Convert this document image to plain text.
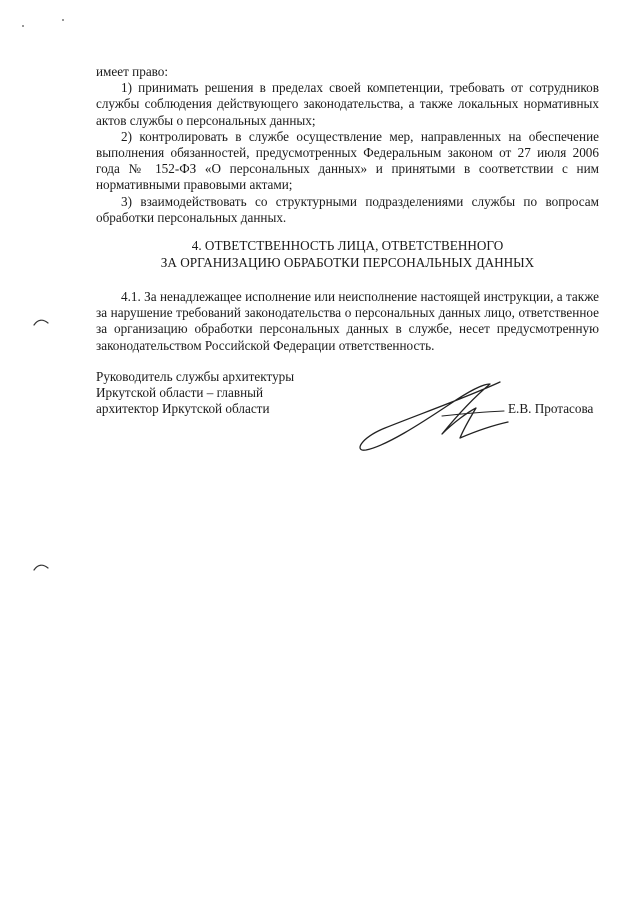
имеет право:

1) принимать решения в пределах своей компетенции, требовать от сотрудников службы соблюдения действующего законодательства, а также локальных нормативных актов службы о персональных данных;

2) контролировать в службе осуществление мер, направленных на обеспечение выполнения обязанностей, предусмотренных Федеральным законом от 27 июля 2006 года № 152-ФЗ «О персональных данных» и принятыми в соответствии с ним нормативными правовыми актами;

3) взаимодействовать со структурными подразделениями службы по вопросам обработки персональных данных.

4. ОТВЕТСТВЕННОСТЬ ЛИЦА, ОТВЕТСТВЕННОГО
ЗА ОРГАНИЗАЦИЮ ОБРАБОТКИ ПЕРСОНАЛЬНЫХ ДАННЫХ

4.1. За ненадлежащее исполнение или неисполнение настоящей инструкции, а также за нарушение требований законодательства о персональных данных лицо, ответственное за организацию обработки персональных данных в службе, несет предусмотренную законодательством Российской Федерации ответственность.

Руководитель службы архитектуры
Иркутской области – главный
архитектор Иркутской области	Е.В. Протасова
